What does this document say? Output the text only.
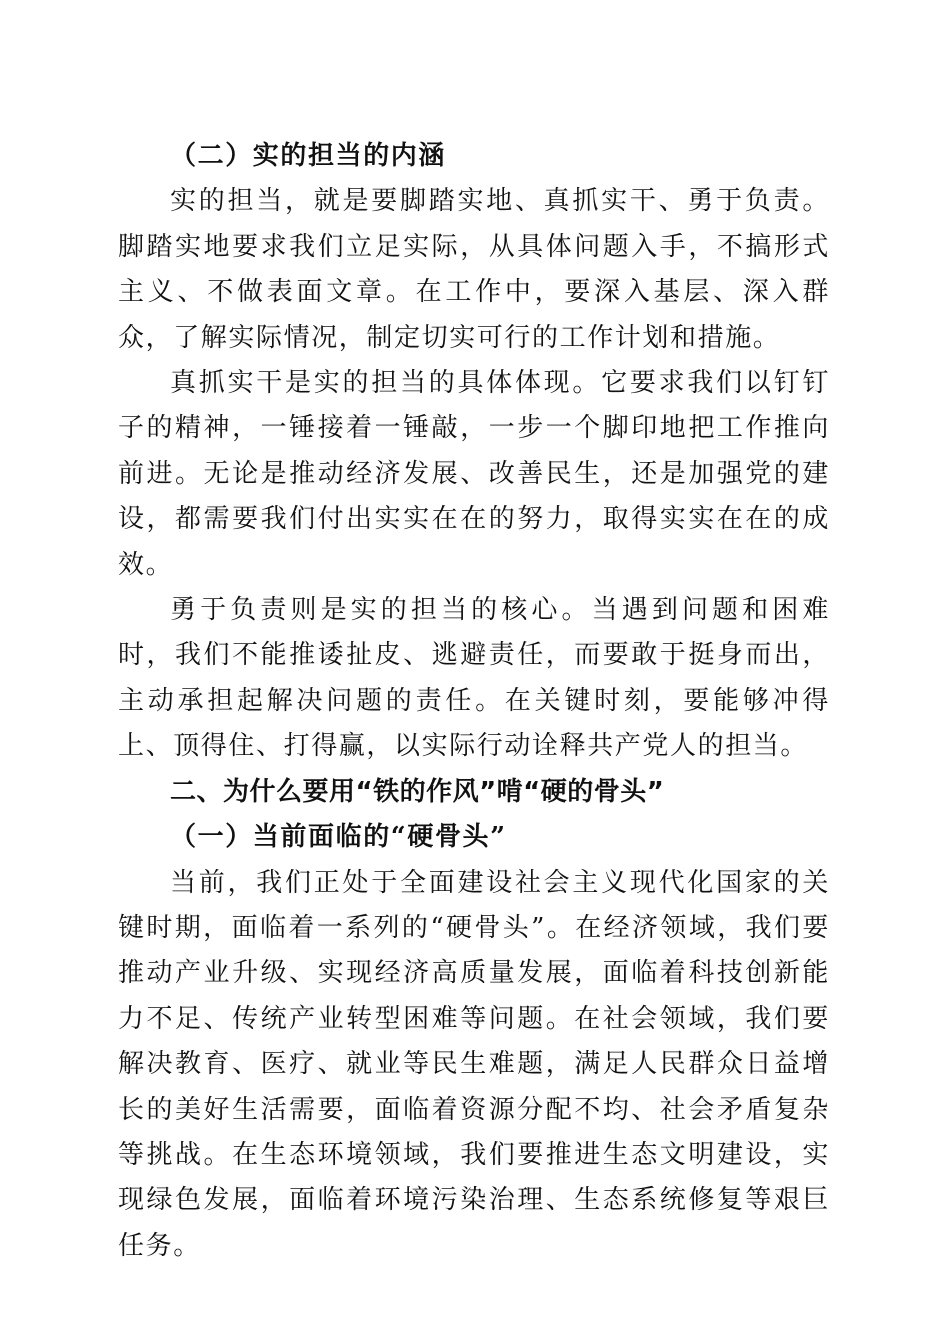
（二）实的担当的内涵

实的担当，就是要脚踏实地、真抓实干、勇于负责。脚踏实地要求我们立足实际，从具体问题入手，不搞形式主义、不做表面文章。在工作中，要深入基层、深入群众，了解实际情况，制定切实可行的工作计划和措施。

真抓实干是实的担当的具体体现。它要求我们以钉钉子的精神，一锤接着一锤敲，一步一个脚印地把工作推向前进。无论是推动经济发展、改善民生，还是加强党的建设，都需要我们付出实实在在的努力，取得实实在在的成效。

勇于负责则是实的担当的核心。当遇到问题和困难时，我们不能推诿扯皮、逃避责任，而要敢于挺身而出，主动承担起解决问题的责任。在关键时刻，要能够冲得上、顶得住、打得赢，以实际行动诠释共产党人的担当。

二、为什么要用“铁的作风”啃“硬的骨头”
（一）当前面临的“硬骨头”

当前，我们正处于全面建设社会主义现代化国家的关键时期，面临着一系列的“硬骨头”。在经济领域，我们要推动产业升级、实现经济高质量发展，面临着科技创新能力不足、传统产业转型困难等问题。在社会领域，我们要解决教育、医疗、就业等民生难题，满足人民群众日益增长的美好生活需要，面临着资源分配不均、社会矛盾复杂等挑战。在生态环境领域，我们要推进生态文明建设，实现绿色发展，面临着环境污染治理、生态系统修复等艰巨任务。
